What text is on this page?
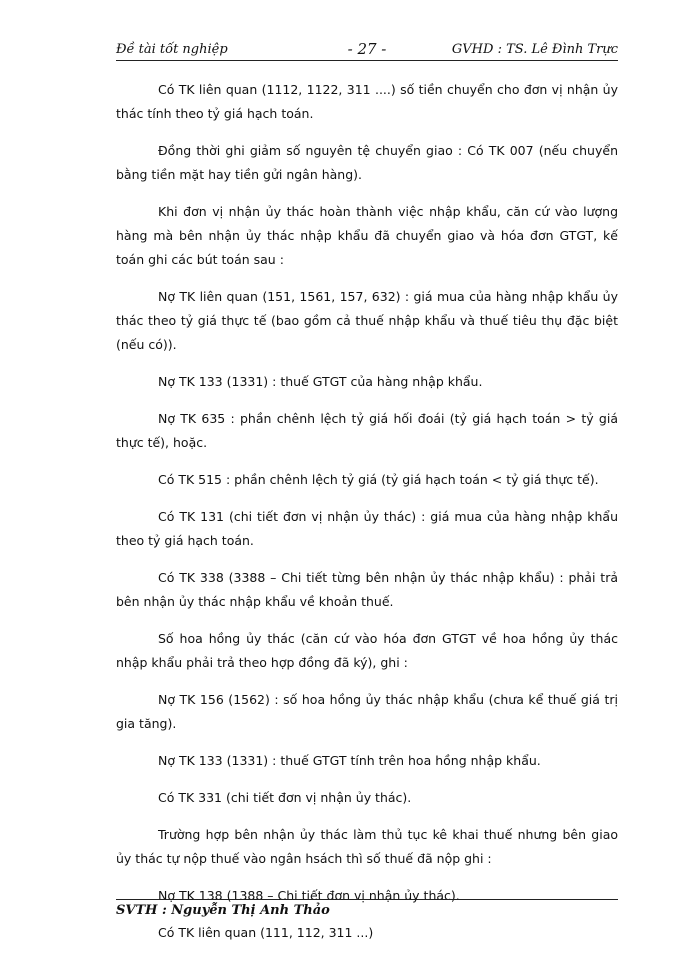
Đề tài tốt nghiệp	- 27 -	GVHD : TS. Lê Đình Trực

Có TK liên quan (1112, 1122, 311 ....) số tiền chuyển cho đơn vị nhận ủy thác tính theo tỷ giá hạch toán.

Đồng thời ghi giảm số nguyên tệ chuyển giao : Có TK 007 (nếu chuyển bằng tiền mặt hay tiền gửi ngân hàng).

Khi đơn vị nhận ủy thác hoàn thành việc nhập khẩu, căn cứ vào lượng hàng mà bên nhận ủy thác nhập khẩu đã chuyển giao và hóa đơn GTGT, kế toán ghi các bút toán sau :

Nợ TK liên quan (151, 1561, 157, 632) : giá mua của hàng nhập khẩu ủy thác theo tỷ giá thực tế (bao gồm cả thuế nhập khẩu và thuế tiêu thụ đặc biệt (nếu có)).

Nợ TK 133 (1331) : thuế GTGT của hàng nhập khẩu.

Nợ TK 635 : phần chênh lệch tỷ giá hối đoái (tỷ giá hạch toán > tỷ giá thực tế), hoặc.

Có TK 515 : phần chênh lệch tỷ giá (tỷ giá hạch toán < tỷ giá thực tế).

Có TK 131 (chi tiết đơn vị nhận ủy thác) : giá mua của hàng nhập khẩu theo tỷ giá hạch toán.

Có TK 338 (3388 – Chi tiết từng bên nhận ủy thác nhập khẩu) : phải trả bên nhận ủy thác nhập khẩu về khoản thuế.

Số hoa hồng ủy thác (căn cứ vào hóa đơn GTGT về hoa hồng ủy thác nhập khẩu phải trả theo hợp đồng đã ký), ghi :

Nợ TK 156 (1562) : số hoa hồng ủy thác nhập khẩu (chưa kể thuế giá trị gia tăng).

Nợ TK 133 (1331) : thuế GTGT tính trên hoa hồng nhập khẩu.

Có TK 331 (chi tiết đơn vị nhận ủy thác).

Trường hợp bên nhận ủy thác làm thủ tục kê khai thuế nhưng bên giao ủy thác tự nộp thuế vào ngân hsách thì số thuế đã nộp ghi :

Nợ TK 138 (1388 – Chi tiết đơn vị nhận ủy thác).

Có TK liên quan (111, 112, 311 ...)

SVTH : Nguyễn Thị Anh Thảo
